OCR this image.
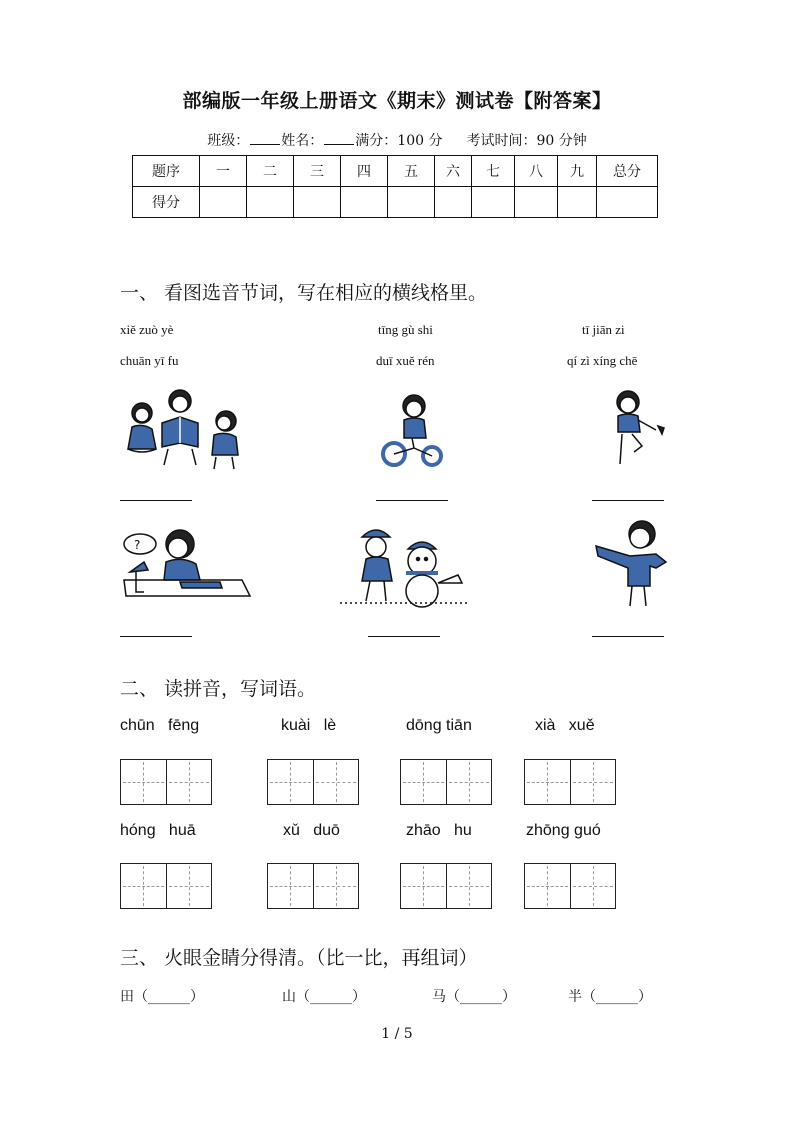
部编版一年级上册语文《期末》测试卷【附答案】
班级： 姓名： 满分：100 分 考试时间：90 分钟
题序	一	二	三	四	五	六	七	八	九	总分
得分										
一、 看图选音节词，写在相应的横线格里。
xiě zuò yè	tīng gù shi	tī jiān zi
chuān yī fu	duī xuě rén	qí zì xíng chē
?
二、 读拼音，写词语。
chūn   fēng	kuài   lè	dōng tiān	xià   xuě
hóng   huā	xǔ   duō	zhāo   hu	zhōng guó
三、 火眼金睛分得清。（比一比，再组词）
田（______）	山（______）	马（______）	半（______）
1 / 5
